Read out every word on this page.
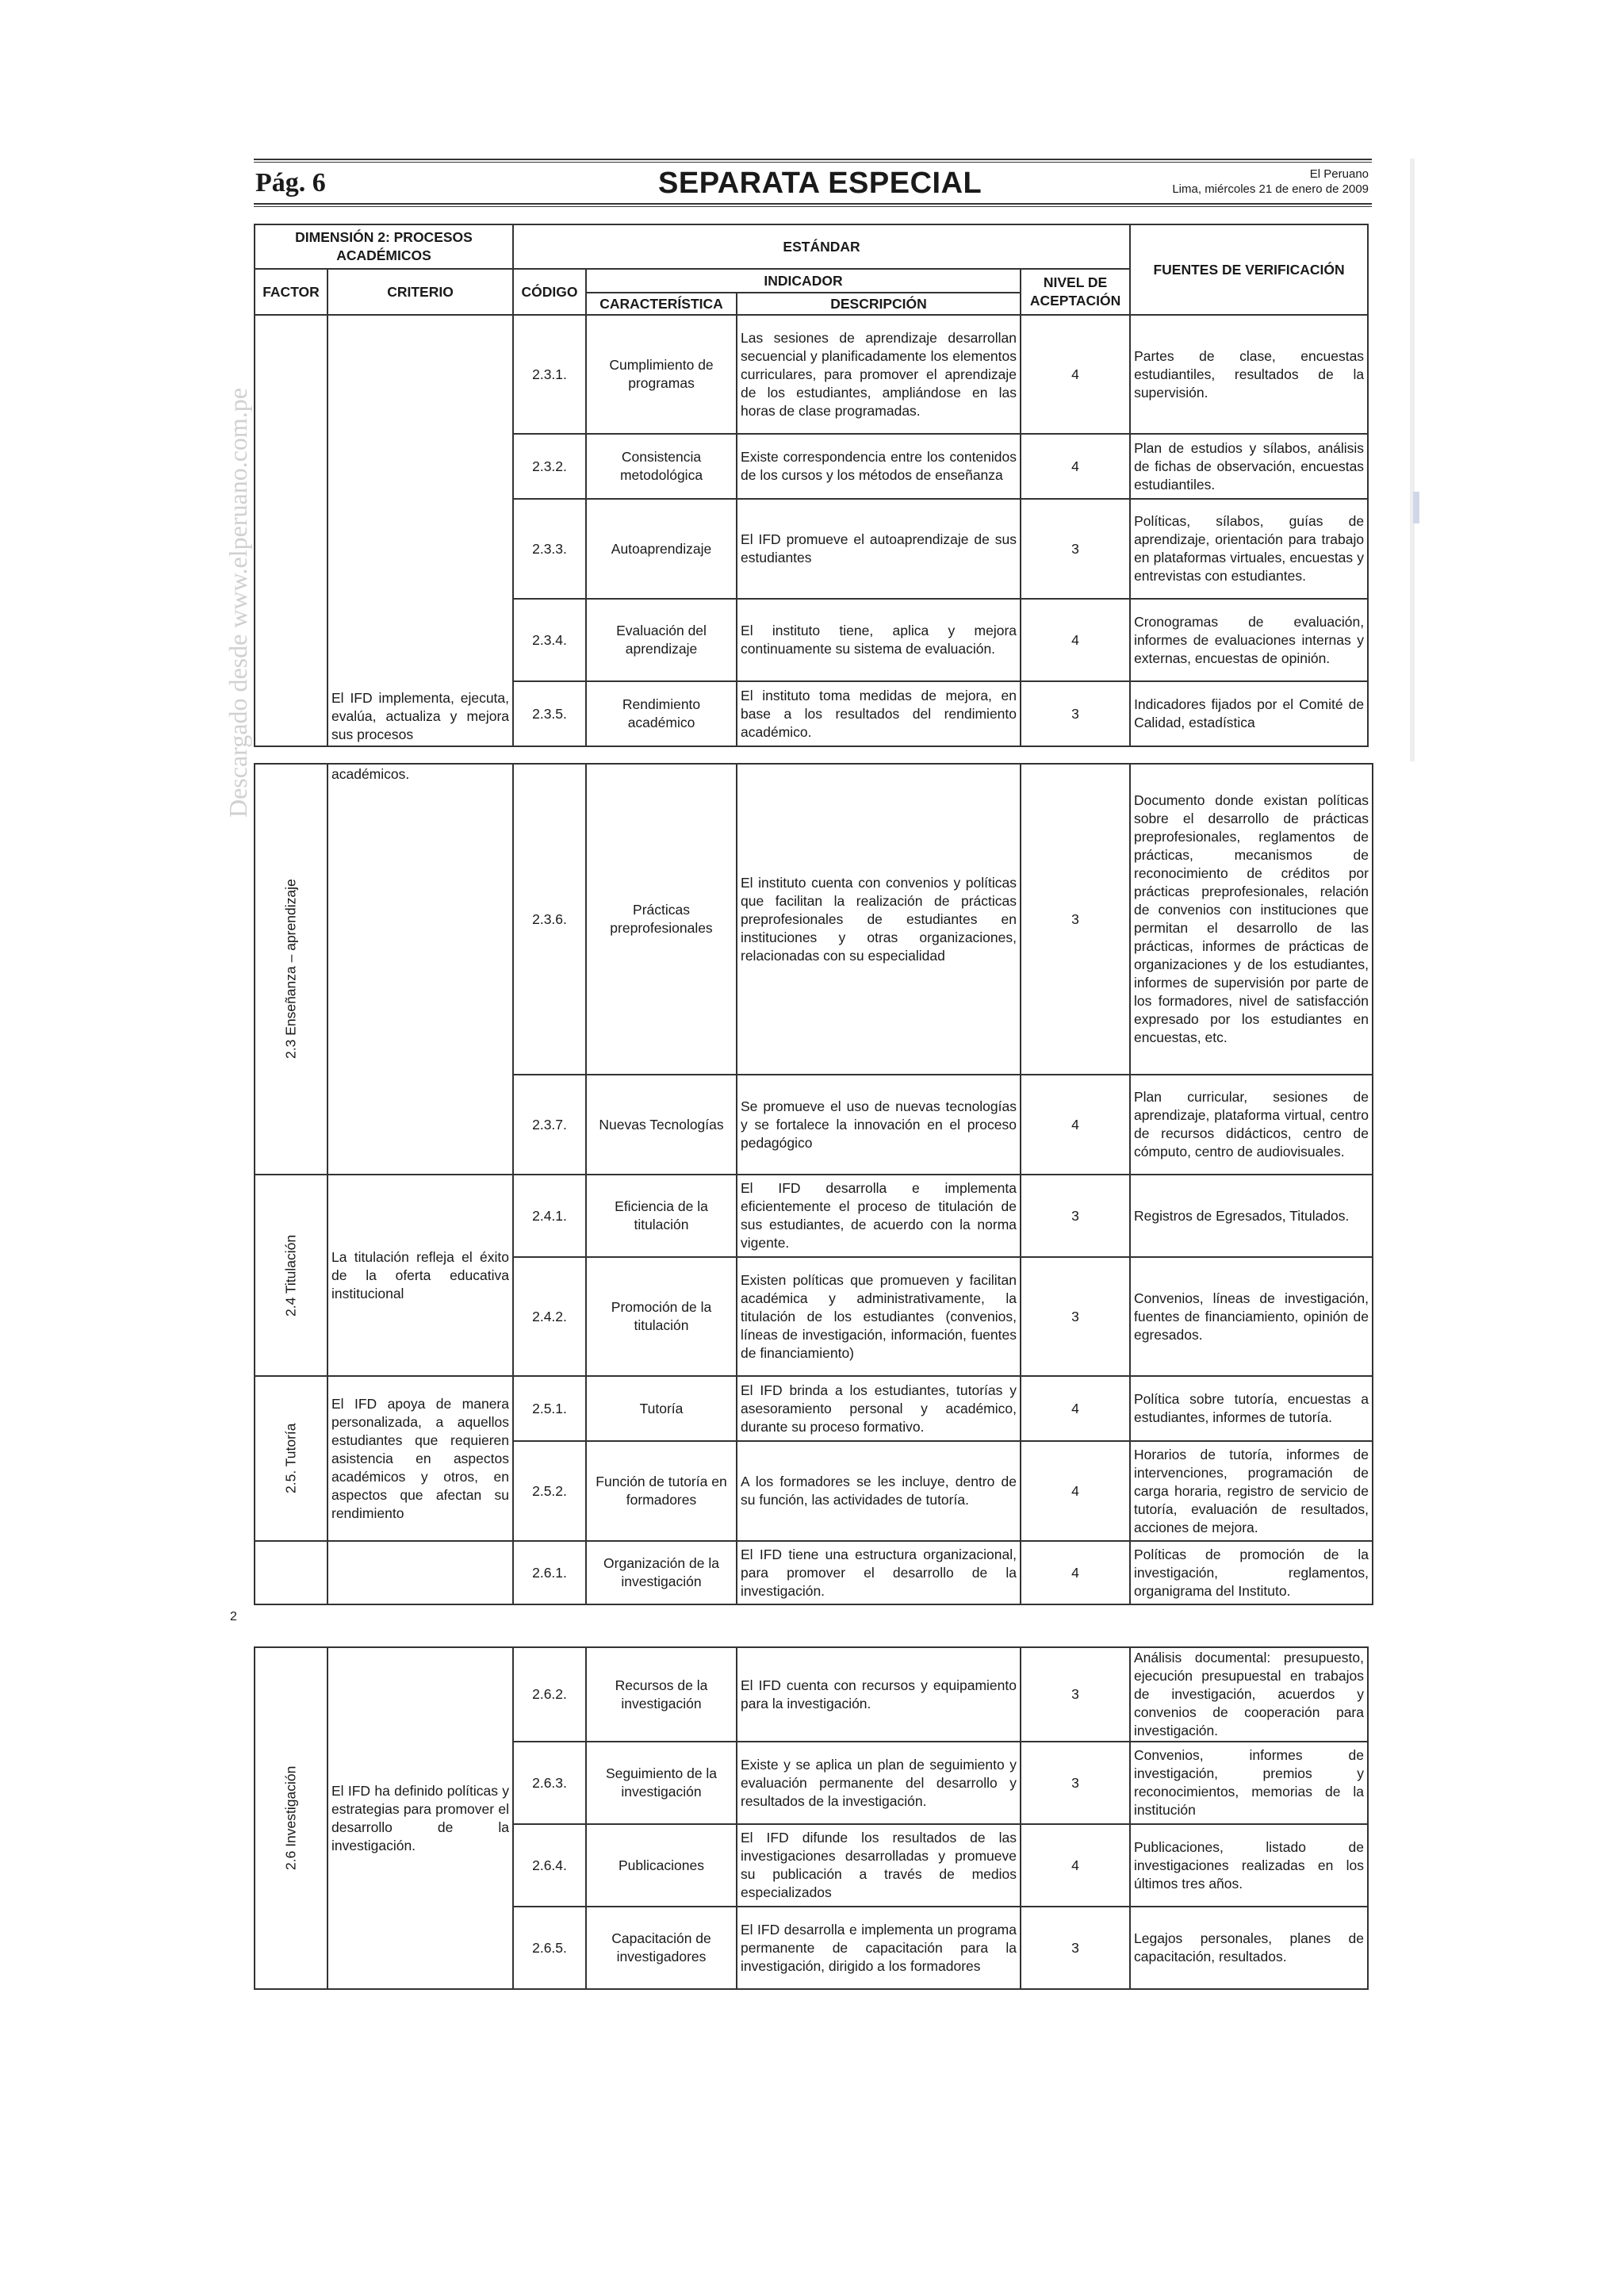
Pág. 6	SEPARATA ESPECIAL	El Peruano
Lima, miércoles 21 de enero de 2009
Descargado desde www.elperuano.com.pe
DIMENSIÓN 2: PROCESOS ACADÉMICOS		ESTÁNDAR				FUENTES DE VERIFICACIÓN
FACTOR	CRITERIO	CÓDIGO	INDICADOR		NIVEL DE ACEPTACIÓN	
			CARACTERÍSTICA	DESCRIPCIÓN		
	El IFD implementa, ejecuta, evalúa, actualiza y mejora sus procesos	2.3.1.	Cumplimiento de programas	Las sesiones de aprendizaje desarrollan secuencial y planificadamente los elementos curriculares, para promover el aprendizaje de los estudiantes, ampliándose en las horas de clase programadas.	4	Partes de clase, encuestas estudiantiles, resultados de la supervisión.
		2.3.2.	Consistencia metodológica	Existe correspondencia entre los contenidos de los cursos y los métodos de enseñanza	4	Plan de estudios y sílabos, análisis de fichas de observación, encuestas estudiantiles.
		2.3.3.	Autoaprendizaje	El IFD promueve el autoaprendizaje de sus estudiantes	3	Políticas, sílabos, guías de aprendizaje, orientación para trabajo en plataformas virtuales, encuestas y entrevistas con estudiantes.
		2.3.4.	Evaluación del aprendizaje	El instituto tiene, aplica y mejora continuamente su sistema de evaluación.	4	Cronogramas de evaluación, informes de evaluaciones internas y externas, encuestas de opinión.
		2.3.5.	Rendimiento académico	El instituto toma medidas de mejora, en base a los resultados del rendimiento académico.	3	Indicadores fijados por el Comité de Calidad, estadística
2.3 Enseñanza – aprendizaje	académicos.	2.3.6.	Prácticas preprofesionales	El instituto cuenta con convenios y políticas que facilitan la realización de prácticas preprofesionales de estudiantes en instituciones y otras organizaciones, relacionadas con su especialidad	3	Documento donde existan políticas sobre el desarrollo de prácticas preprofesionales, reglamentos de prácticas, mecanismos de reconocimiento de créditos por prácticas preprofesionales, relación de convenios con instituciones que permitan el desarrollo de las prácticas, informes de prácticas de organizaciones y de los estudiantes, informes de supervisión por parte de los formadores, nivel de satisfacción expresado por los estudiantes en encuestas, etc.
		2.3.7.	Nuevas Tecnologías	Se promueve el uso de nuevas tecnologías y se fortalece la innovación en el proceso pedagógico	4	Plan curricular, sesiones de aprendizaje, plataforma virtual, centro de recursos didácticos, centro de cómputo, centro de audiovisuales.
2.4 Titulación	La titulación refleja el éxito de la oferta educativa institucional	2.4.1.	Eficiencia de la titulación	El IFD desarrolla e implementa eficientemente el proceso de titulación de sus estudiantes, de acuerdo con la norma vigente.	3	Registros de Egresados, Titulados.
		2.4.2.	Promoción de la titulación	Existen políticas que promueven y facilitan académica y administrativamente, la titulación de los estudiantes (convenios, líneas de investigación, información, fuentes de financiamiento)	3	Convenios, líneas de investigación, fuentes de financiamiento, opinión de egresados.
2.5. Tutoría	El IFD apoya de manera personalizada, a aquellos estudiantes que requieren asistencia en aspectos académicos y otros, en aspectos que afectan su rendimiento	2.5.1.	Tutoría	El IFD brinda a los estudiantes, tutorías y asesoramiento personal y académico, durante su proceso formativo.	4	Política sobre tutoría, encuestas a estudiantes, informes de tutoría.
		2.5.2.	Función de tutoría en formadores	A los formadores se les incluye, dentro de su función, las actividades de tutoría.	4	Horarios de tutoría, informes de intervenciones, programación de carga horaria, registro de servicio de tutoría, evaluación de resultados, acciones de mejora.
		2.6.1.	Organización de la investigación	El IFD tiene una estructura organizacional, para promover el desarrollo de la investigación.	4	Políticas de promoción de la investigación, reglamentos, organigrama del Instituto.
2
2.6 Investigación	El IFD ha definido políticas y estrategias para promover el desarrollo de la investigación.	2.6.2.	Recursos de la investigación	El IFD cuenta con recursos y equipamiento para la investigación.	3	Análisis documental: presupuesto, ejecución presupuestal en trabajos de investigación, acuerdos y convenios de cooperación para investigación.
		2.6.3.	Seguimiento de la investigación	Existe y se aplica un plan de seguimiento y evaluación permanente del desarrollo y resultados de la investigación.	3	Convenios, informes de investigación, premios y reconocimientos, memorias de la institución
		2.6.4.	Publicaciones	El IFD difunde los resultados de las investigaciones desarrolladas y promueve su publicación a través de medios especializados	4	Publicaciones, listado de investigaciones realizadas en los últimos tres años.
		2.6.5.	Capacitación de investigadores	El IFD desarrolla e implementa un programa permanente de capacitación para la investigación, dirigido a los formadores	3	Legajos personales, planes de capacitación, resultados.
